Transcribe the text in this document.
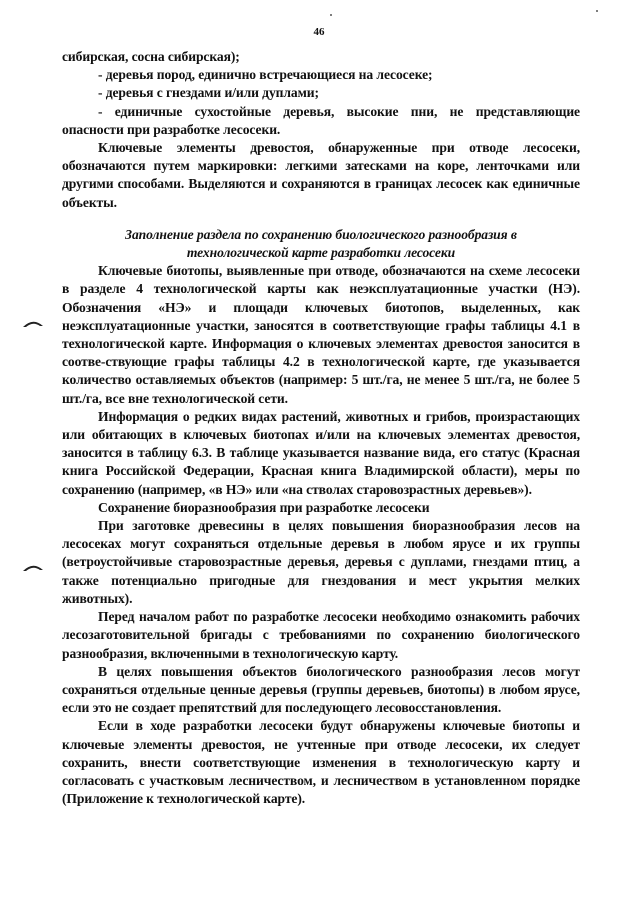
46

сибирская, сосна сибирская);

- деревья пород, единично встречающиеся на лесосеке;

- деревья с гнездами и/или дуплами;

- единичные сухостойные деревья, высокие пни, не представляющие опасности при разработке лесосеки.

Ключевые элементы древостоя, обнаруженные при отводе лесосеки, обозначаются путем маркировки: легкими затесками на коре, ленточками или другими способами. Выделяются и сохраняются в границах лесосек как единичные объекты.

Заполнение раздела по сохранению биологического разнообразия в технологической карте разработки лесосеки

Ключевые биотопы, выявленные при отводе, обозначаются на схеме лесосеки в разделе 4 технологической карты как неэксплуатационные участки (НЭ). Обозначения «НЭ» и площади ключевых биотопов, выделенных, как неэксплуатационные участки, заносятся в соответствующие графы таблицы 4.1 в технологической карте. Информация о ключевых элементах древостоя заносится в соотве-ствующие графы таблицы 4.2 в технологической карте, где указывается количество оставляемых объектов (например: 5 шт./га, не менее 5 шт./га, не более 5 шт./га, все вне технологической сети.

Информация о редких видах растений, животных и грибов, произрастающих или обитающих в ключевых биотопах и/или на ключевых элементах древостоя, заносится в таблицу 6.3. В таблице указывается название вида, его статус (Красная книга Российской Федерации, Красная книга Владимирской области), меры по сохранению (например, «в НЭ» или «на стволах старовозрастных деревьев»).

Сохранение биоразнообразия при разработке лесосеки

При заготовке древесины в целях повышения биоразнообразия лесов на лесосеках могут сохраняться отдельные деревья в любом ярусе и их группы (ветроустойчивые старовозрастные деревья, деревья с дуплами, гнездами птиц, а также потенциально пригодные для гнездования и мест укрытия мелких животных).

Перед началом работ по разработке лесосеки необходимо ознакомить рабочих лесозаготовительной бригады с требованиями по сохранению биологического разнообразия, включенными в технологическую карту.

В целях повышения объектов биологического разнообразия лесов могут сохраняться отдельные ценные деревья (группы деревьев, биотопы) в любом ярусе, если это не создает препятствий для последующего лесовосстановления.

Если в ходе разработки лесосеки будут обнаружены ключевые биотопы и ключевые элементы древостоя, не учтенные при отводе лесосеки, их следует сохранить, внести соответствующие изменения в технологическую карту и согласовать с участковым лесничеством, и лесничеством в установленном порядке (Приложение к технологической карте).
